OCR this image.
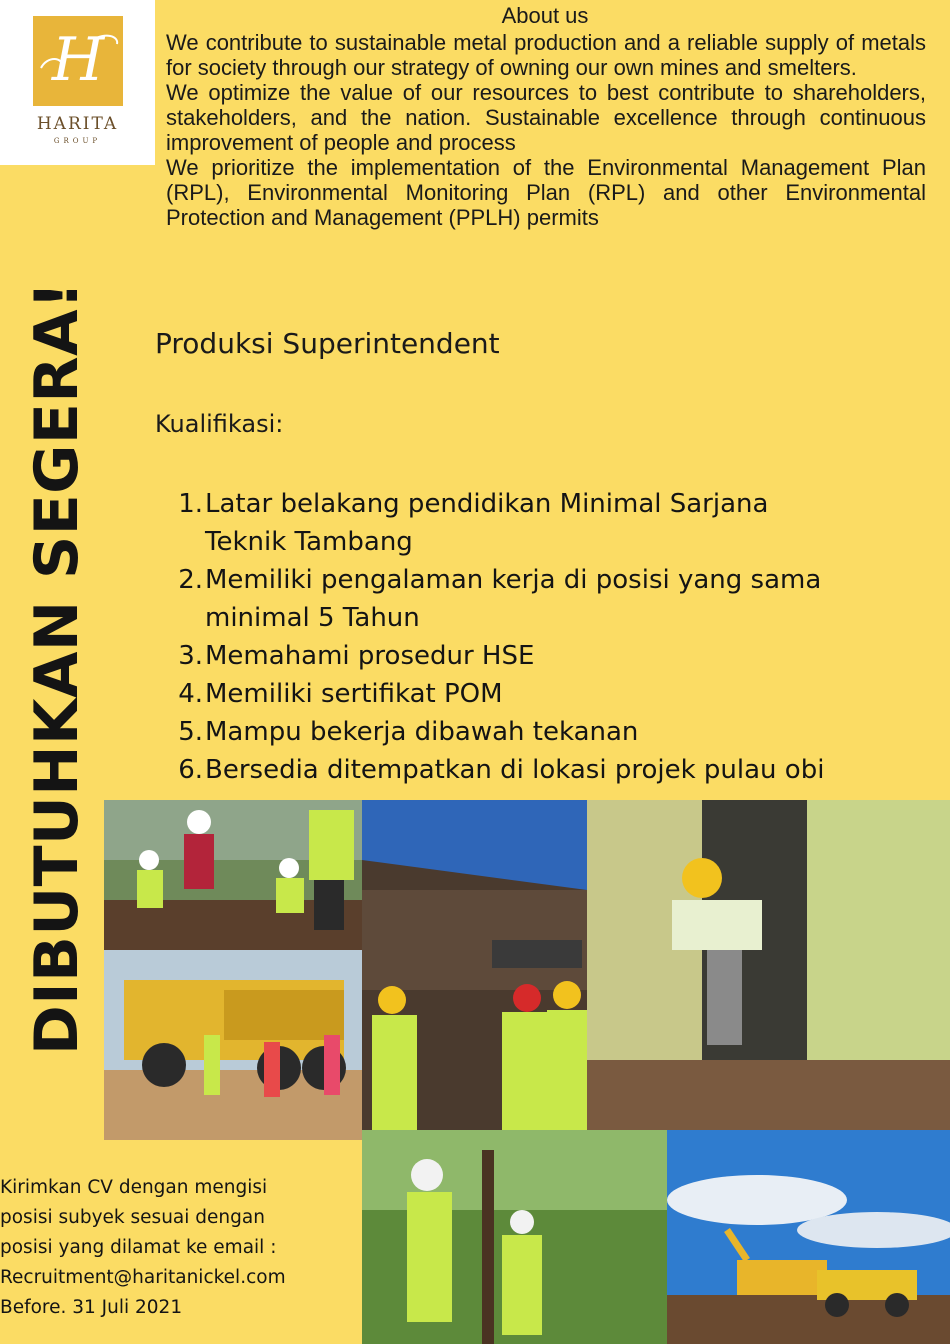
H
HARITA
GROUP
DIBUTUHKAN SEGERA!
About us

We contribute to sustainable metal production and a reliable supply of metals for society through our strategy of owning our own mines and smelters.

We optimize the value of our resources to best contribute to shareholders, stakeholders, and the nation. Sustainable excellence through continuous improvement of people and process

We prioritize the implementation of the Environmental Management Plan (RPL), Environmental Monitoring Plan (RPL) and other Environmental Protection and Management (PPLH) permits

Produksi Superintendent
Kualifikasi:
1. Latar belakang pendidikan Minimal Sarjana
Teknik Tambang
2. Memiliki pengalaman kerja di posisi yang sama
minimal 5 Tahun
3. Memahami prosedur HSE
4. Memiliki sertifikat POM
5. Mampu bekerja dibawah tekanan
6. Bersedia ditempatkan di lokasi projek pulau obi
Kirimkan CV dengan mengisi
posisi subyek sesuai dengan
posisi yang dilamat ke email :
Recruitment@haritanickel.com
Before. 31 Juli 2021
